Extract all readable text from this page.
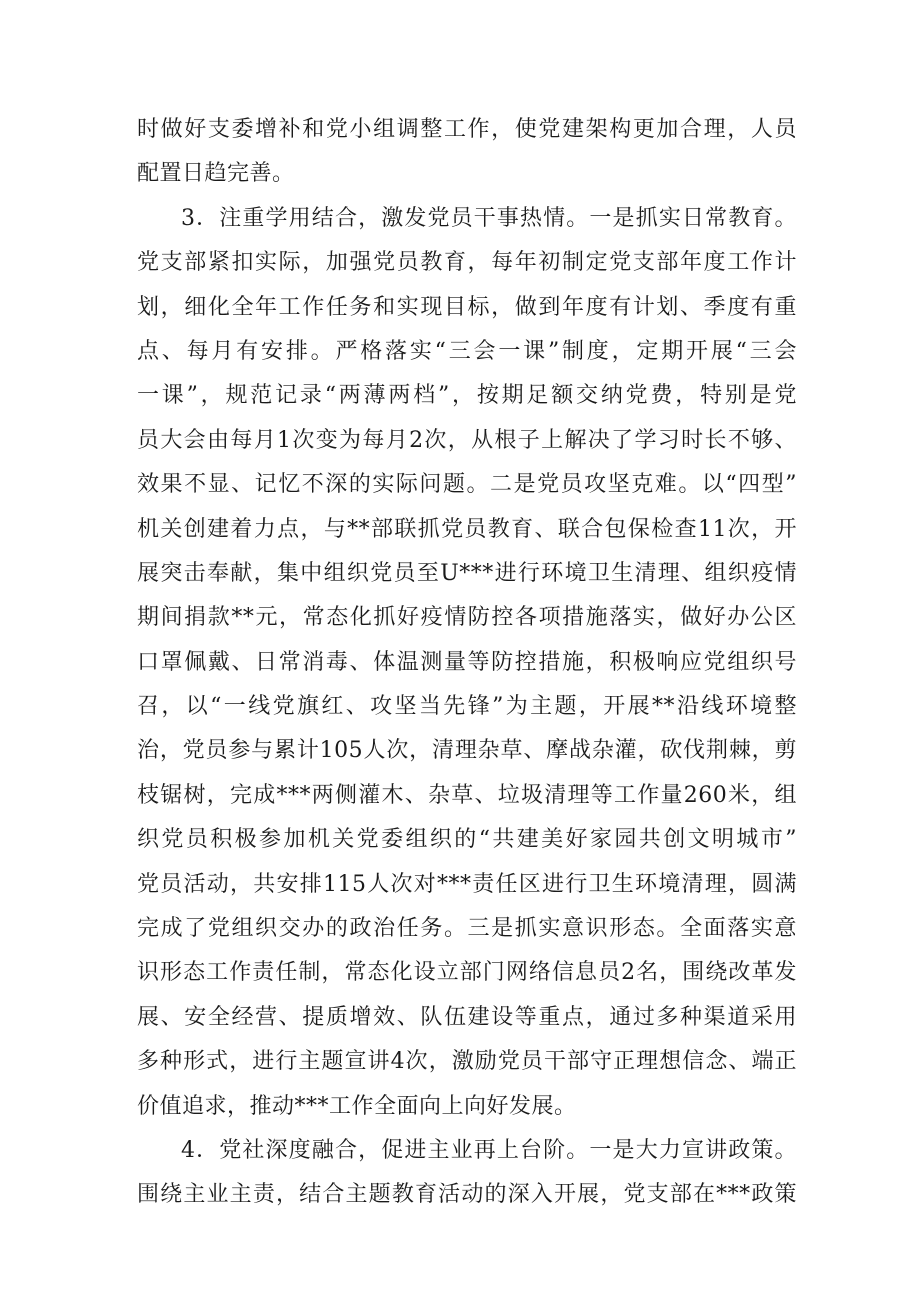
时做好支委增补和党小组调整工作，使党建架构更加合理，人员
配置日趋完善。
3．注重学用结合，激发党员干事热情。一是抓实日常教育。
党支部紧扣实际，加强党员教育，每年初制定党支部年度工作计
划，细化全年工作任务和实现目标，做到年度有计划、季度有重
点、每月有安排。严格落实“三会一课”制度，定期开展“三会
一课”，规范记录“两薄两档”，按期足额交纳党费，特别是党
员大会由每月1次变为每月2次，从根子上解决了学习时长不够、
效果不显、记忆不深的实际问题。二是党员攻坚克难。以“四型”
机关创建着力点，与**部联抓党员教育、联合包保检查11次，开
展突击奉献，集中组织党员至U***进行环境卫生清理、组织疫情
期间捐款**元，常态化抓好疫情防控各项措施落实，做好办公区
口罩佩戴、日常消毒、体温测量等防控措施，积极响应党组织号
召，以“一线党旗红、攻坚当先锋”为主题，开展**沿线环境整
治，党员参与累计105人次，清理杂草、摩战杂灌，砍伐荆棘，剪
枝锯树，完成***两侧灌木、杂草、垃圾清理等工作量260米，组
织党员积极参加机关党委组织的“共建美好家园共创文明城市”
党员活动，共安排115人次对***责任区进行卫生环境清理，圆满
完成了党组织交办的政治任务。三是抓实意识形态。全面落实意
识形态工作责任制，常态化设立部门网络信息员2名，围绕改革发
展、安全经营、提质增效、队伍建设等重点，通过多种渠道采用
多种形式，进行主题宣讲4次，激励党员干部守正理想信念、端正
价值追求，推动***工作全面向上向好发展。
4．党社深度融合，促进主业再上台阶。一是大力宣讲政策。
围绕主业主责，结合主题教育活动的深入开展，党支部在***政策
